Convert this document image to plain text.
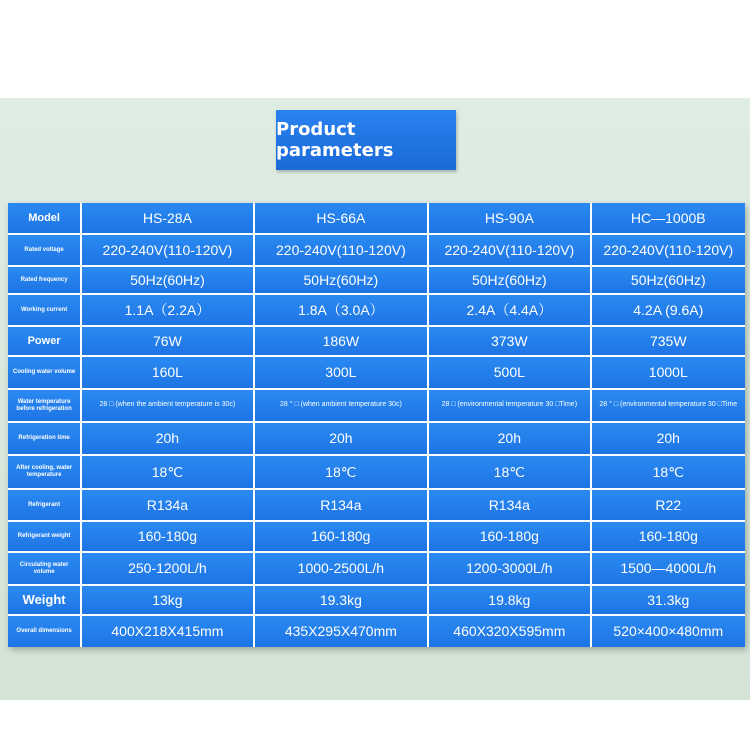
Product parameters
Model	HS-28A	HS-66A	HS-90A	HC—1000B
Rated voltage	220-240V(110-120V)	220-240V(110-120V)	220-240V(110-120V)	220-240V(110-120V)
Rated frequency	50Hz(60Hz)	50Hz(60Hz)	50Hz(60Hz)	50Hz(60Hz)
Working current	1.1A（2.2A）	1.8A（3.0A）	2.4A（4.4A）	4.2A (9.6A)
Power	76W	186W	373W	735W
Cooling water volume	160L	300L	500L	1000L
Water temperature before refrigeration	28 □ (when the ambient temperature is 30c)	28 ° □ (when ambient temperature 30c)	28 □ (environmental temperature 30 □Time)	28 ° □ (environmental temperature 30 □Time
Refrigeration time	20h	20h	20h	20h
After cooling, water temperature	18℃	18℃	18℃	18℃
Refrigerant	R134a	R134a	R134a	R22
Refrigerant weight	160-180g	160-180g	160-180g	160-180g
Circulating water volume	250-1200L/h	1000-2500L/h	1200-3000L/h	1500—4000L/h
Weight	13kg	19.3kg	19.8kg	31.3kg
Overall dimensions	400X218X415mm	435X295X470mm	460X320X595mm	520×400×480mm
